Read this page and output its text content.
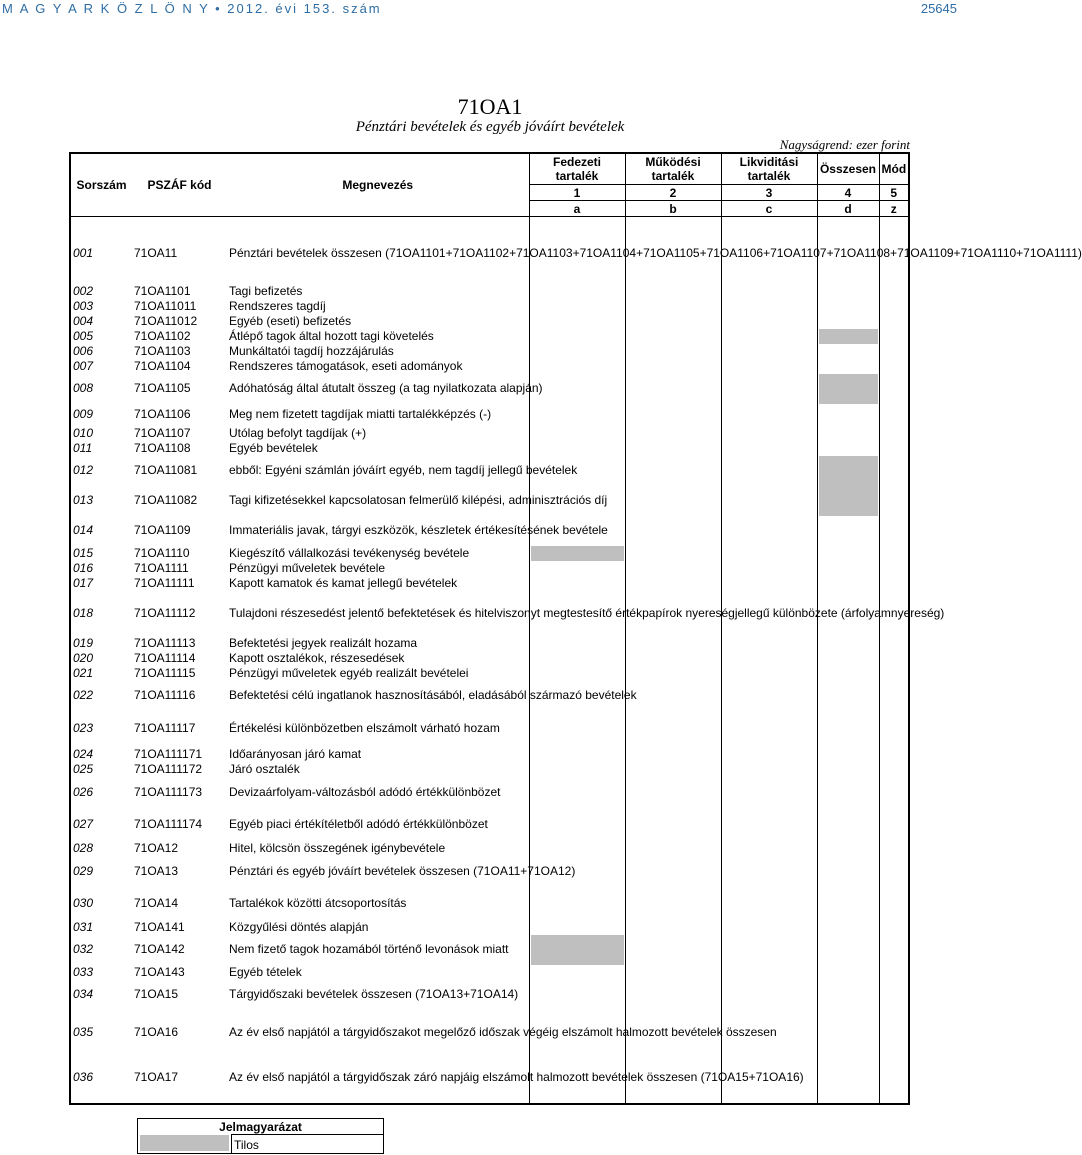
M A G Y A R K Ö Z L Ö N Y • 2012. évi 153. szám	25645
71OA1
Pénztári bevételek és egyéb jóváírt bevételek
Nagyságrend: ezer forint
Sorszám	PSZÁF kód	Megnevezés	Fedezeti tartalék	Működési tartalék	Likviditási tartalék	Összesen	Mód
			1	2	3	4	5
			a	b	c	d	z

001	71OA11	Pénztári bevételek összesen (71OA1101+71OA1102+71OA1103+71OA1104+71OA1105+71OA1106+71OA1107+71OA1108+71OA1109+71OA1110+71OA1111)	

002	71OA1101	Tagi befizetés	

003	71OA11011	Rendszeres tagdíj	

004	71OA11012	Egyéb (eseti) befizetés	

005	71OA1102	Átlépő tagok által hozott tagi követelés	

006	71OA1103	Munkáltatói tagdíj hozzájárulás	

007	71OA1104	Rendszeres támogatások, eseti adományok	

008	71OA1105	Adóhatóság által átutalt összeg (a tag nyilatkozata alapján)	

009	71OA1106	Meg nem fizetett tagdíjak miatti tartalékképzés (-)	

010	71OA1107	Utólag befolyt tagdíjak (+)	

011	71OA1108	Egyéb bevételek	

012	71OA11081	ebből: Egyéni számlán jóváírt egyéb, nem tagdíj jellegű bevételek	

013	71OA11082	Tagi kifizetésekkel kapcsolatosan felmerülő kilépési, adminisztrációs díj	

014	71OA1109	Immateriális javak, tárgyi eszközök, készletek értékesítésének bevétele	

015	71OA1110	Kiegészítő vállalkozási tevékenység bevétele	

016	71OA1111	Pénzügyi műveletek bevétele	

017	71OA11111	Kapott kamatok és kamat jellegű bevételek	

018	71OA11112	Tulajdoni részesedést jelentő befektetések és hitelviszonyt megtestesítő értékpapírok nyereségjellegű különbözete (árfolyamnyereség)	

019	71OA11113	Befektetési jegyek realizált hozama	

020	71OA11114	Kapott osztalékok, részesedések	

021	71OA11115	Pénzügyi műveletek egyéb realizált bevételei	

022	71OA11116	Befektetési célú ingatlanok hasznosításából, eladásából származó bevételek	

023	71OA11117	Értékelési különbözetben elszámolt várható hozam	

024	71OA111171	Időarányosan járó kamat	

025	71OA111172	Járó osztalék	

026	71OA111173	Devizaárfolyam-változásból adódó értékkülönbözet	

027	71OA111174	Egyéb piaci értékítéletből adódó értékkülönbözet	

028	71OA12	Hitel, kölcsön összegének igénybevétele	

029	71OA13	Pénztári és egyéb jóváírt bevételek összesen (71OA11+71OA12)	

030	71OA14	Tartalékok közötti átcsoportosítás	

031	71OA141	Közgyűlési döntés alapján	

032	71OA142	Nem fizető tagok hozamából történő levonások miatt	

033	71OA143	Egyéb tételek	

034	71OA15	Tárgyidőszaki bevételek összesen (71OA13+71OA14)	

035	71OA16	Az év első napjától a tárgyidőszakot megelőző időszak végéig elszámolt halmozott bevételek összesen	

036	71OA17	Az év első napjától a tárgyidőszak záró napjáig elszámolt halmozott bevételek összesen (71OA15+71OA16)	

Jelmagyarázat
Tilos
